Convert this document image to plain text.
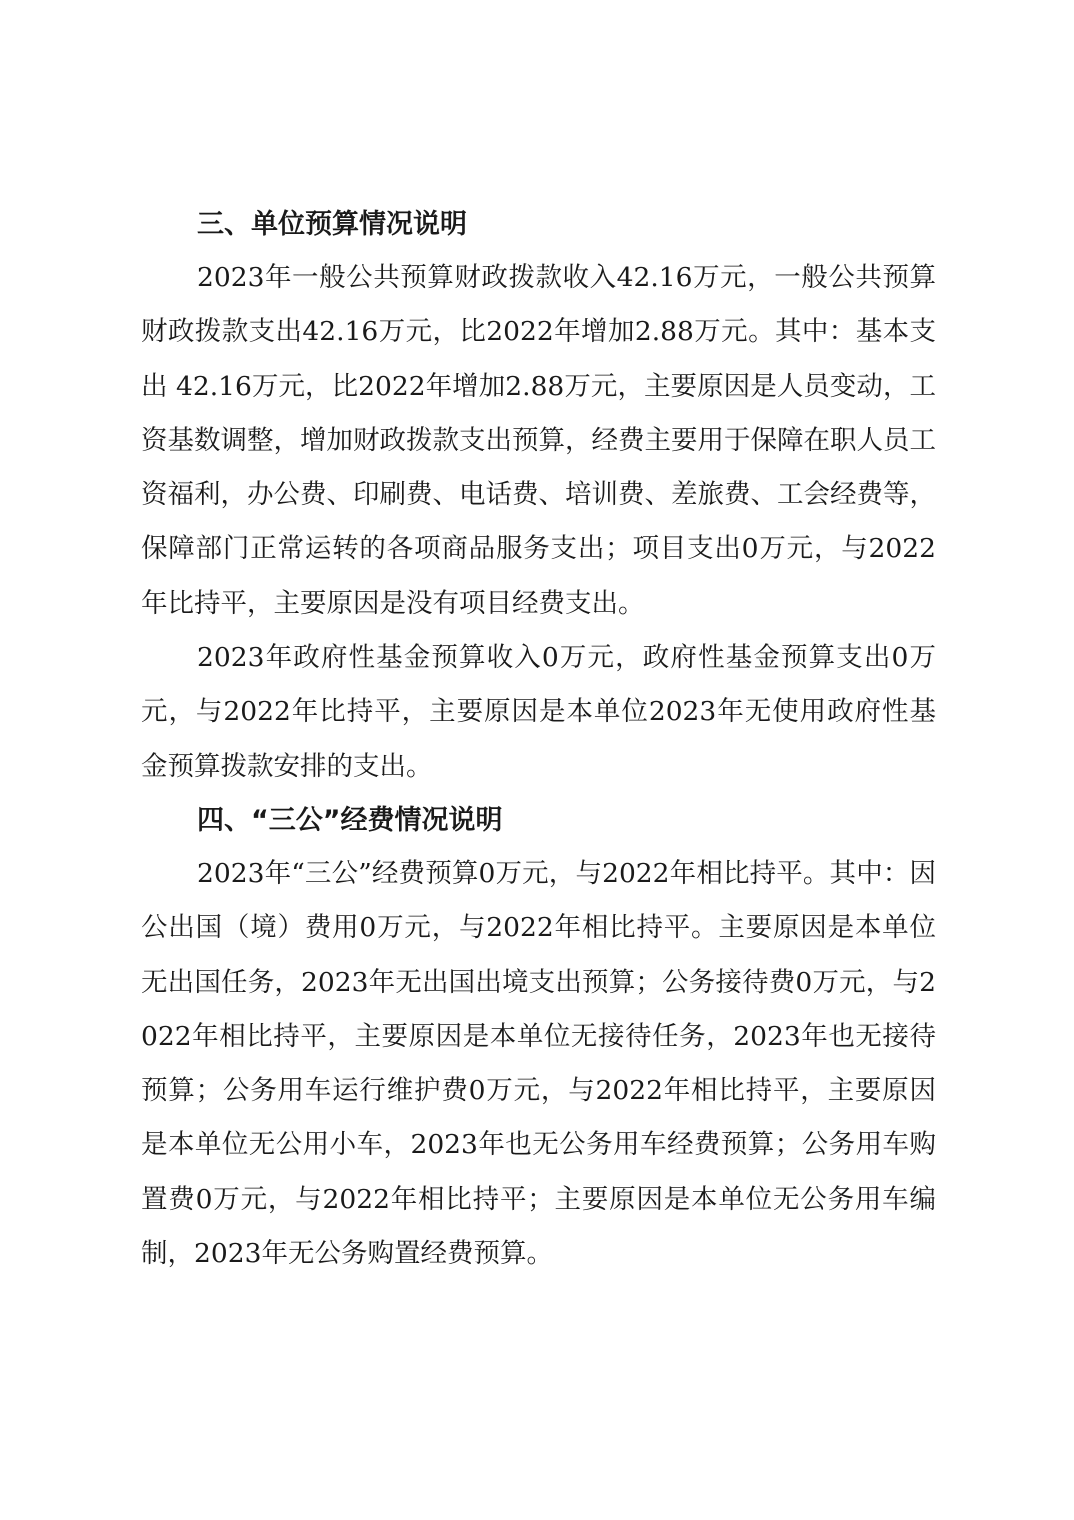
三、单位预算情况说明

2023年一般公共预算财政拨款收入42.16万元，一般公共预算财政拨款支出42.16万元，比2022年增加2.88万元。其中：基本支出 42.16万元，比2022年增加2.88万元，主要原因是人员变动，工资基数调整，增加财政拨款支出预算，经费主要用于保障在职人员工资福利，办公费、印刷费、电话费、培训费、差旅费、工会经费等，保障部门正常运转的各项商品服务支出；项目支出0万元，与2022年比持平，主要原因是没有项目经费支出。

2023年政府性基金预算收入0万元，政府性基金预算支出0万元，与2022年比持平，主要原因是本单位2023年无使用政府性基金预算拨款安排的支出。

四、“三公”经费情况说明

2023年“三公”经费预算0万元，与2022年相比持平。其中：因公出国（境）费用0万元，与2022年相比持平。主要原因是本单位无出国任务，2023年无出国出境支出预算；公务接待费0万元，与2022年相比持平，主要原因是本单位无接待任务，2023年也无接待预算；公务用车运行维护费0万元，与2022年相比持平，主要原因是本单位无公用小车，2023年也无公务用车经费预算；公务用车购置费0万元，与2022年相比持平；主要原因是本单位无公务用车编制，2023年无公务购置经费预算。
